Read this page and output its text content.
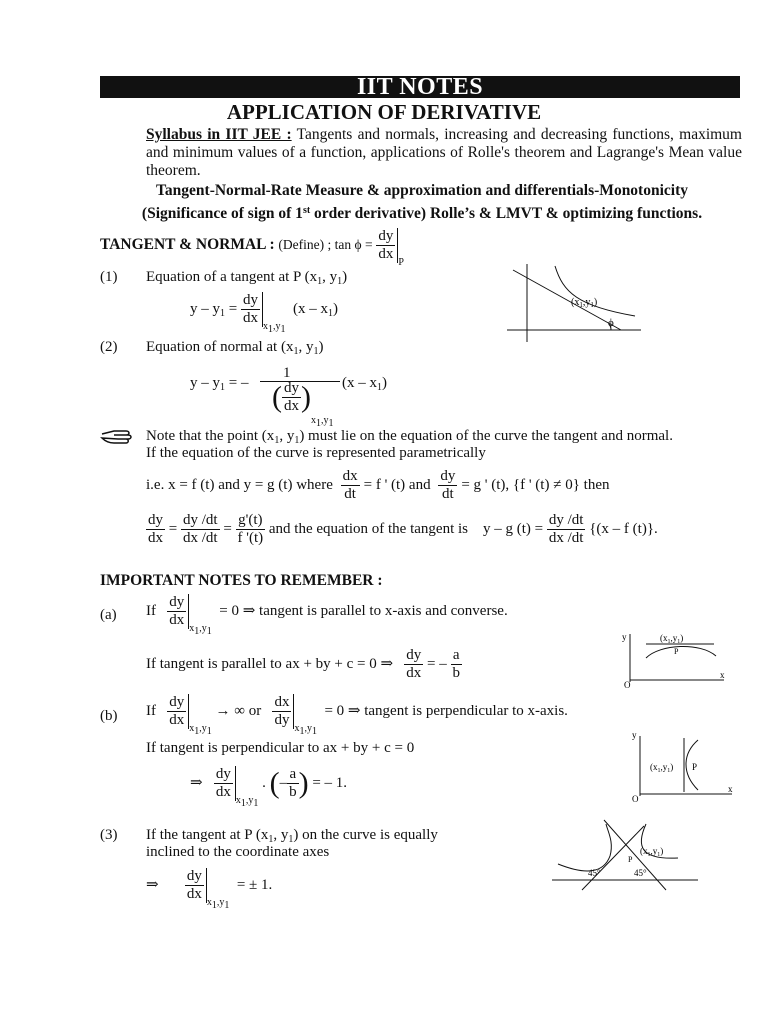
IIT NOTES
APPLICATION OF DERIVATIVE
Syllabus in IIT JEE : Tangents and normals, increasing and decreasing functions, maximum and minimum values of a function, applications of Rolle's theorem and Lagrange's Mean value theorem.
Tangent-Normal-Rate Measure & approximation and differentials-Monotonicity
(Significance of sign of 1st order derivative) Rolle’s & LMVT & optimizing functions.
TANGENT & NORMAL : (Define) ; $\tan \phi = \frac{dy}{dx}$ P
(1) Equation of a tangent at P ($x_1$, $y_1$)
$y - y_1 = \frac{dy}{dx} x_1,y_1$  $(x - x_1)$
(2) Equation of normal at ($x_1$, $y_1$)
y – $y_1$ = –
1
( $\frac{dy}{dx} )x_1,y_1$
$(x - x_1)$
Note that the point ($x_1$, $y_1$) must lie on the equation of the curve the tangent and normal.
If the equation of the curve is represented parametrically
i.e. x = f (t) and y = g (t) where $\frac{dx}{dt} = f$ ' (t) and $\frac{dy}{dt} = g$ ' (t), {f ' (t) ≠ 0} then
$\frac{dy}{dx} = \frac{dy /dt}{dx /dt} = \frac{g'(t)}{f '(t)}$ and the equation of the tangent is y – g $(t) = \frac{dy /dt}{dx /dt} \{(x - f$ (t)}.
IMPORTANT NOTES TO REMEMBER :
(a) If $\frac{dy}{dx} x_1,y_1 = 0$ ⇒ tangent is parallel to x-axis and converse.
If tangent is parallel to ax + by + c = 0 ⇒ $\frac{dy}{dx}$ = – $\frac{a}{b}$
(b) If $\frac{dy}{dx} x_1,y_1$ → ∞ or $\frac{dx}{dy} x_1,y_1 = 0$ ⇒ tangent is perpendicular to x-axis.
If tangent is perpendicular to ax + by + c = 0
⇒ $\frac{dy}{dx} x_1,y_1$ . (– $\frac{a}{b}$ ) = – 1.
(3) If the tangent at P ($x_1$, $y_1$) on the curve is equally
inclined to the coordinate axes
⇒ $\frac{dy}{dx} x_1,y_1$  = ± 1.
$(x_1,y_1)$
ϕ
y
x
O
$(x_1,y_1)$
P
y
x
O
$(x_1,y_1)$ P
$(x_1,y_1)$
P
45°	45°
